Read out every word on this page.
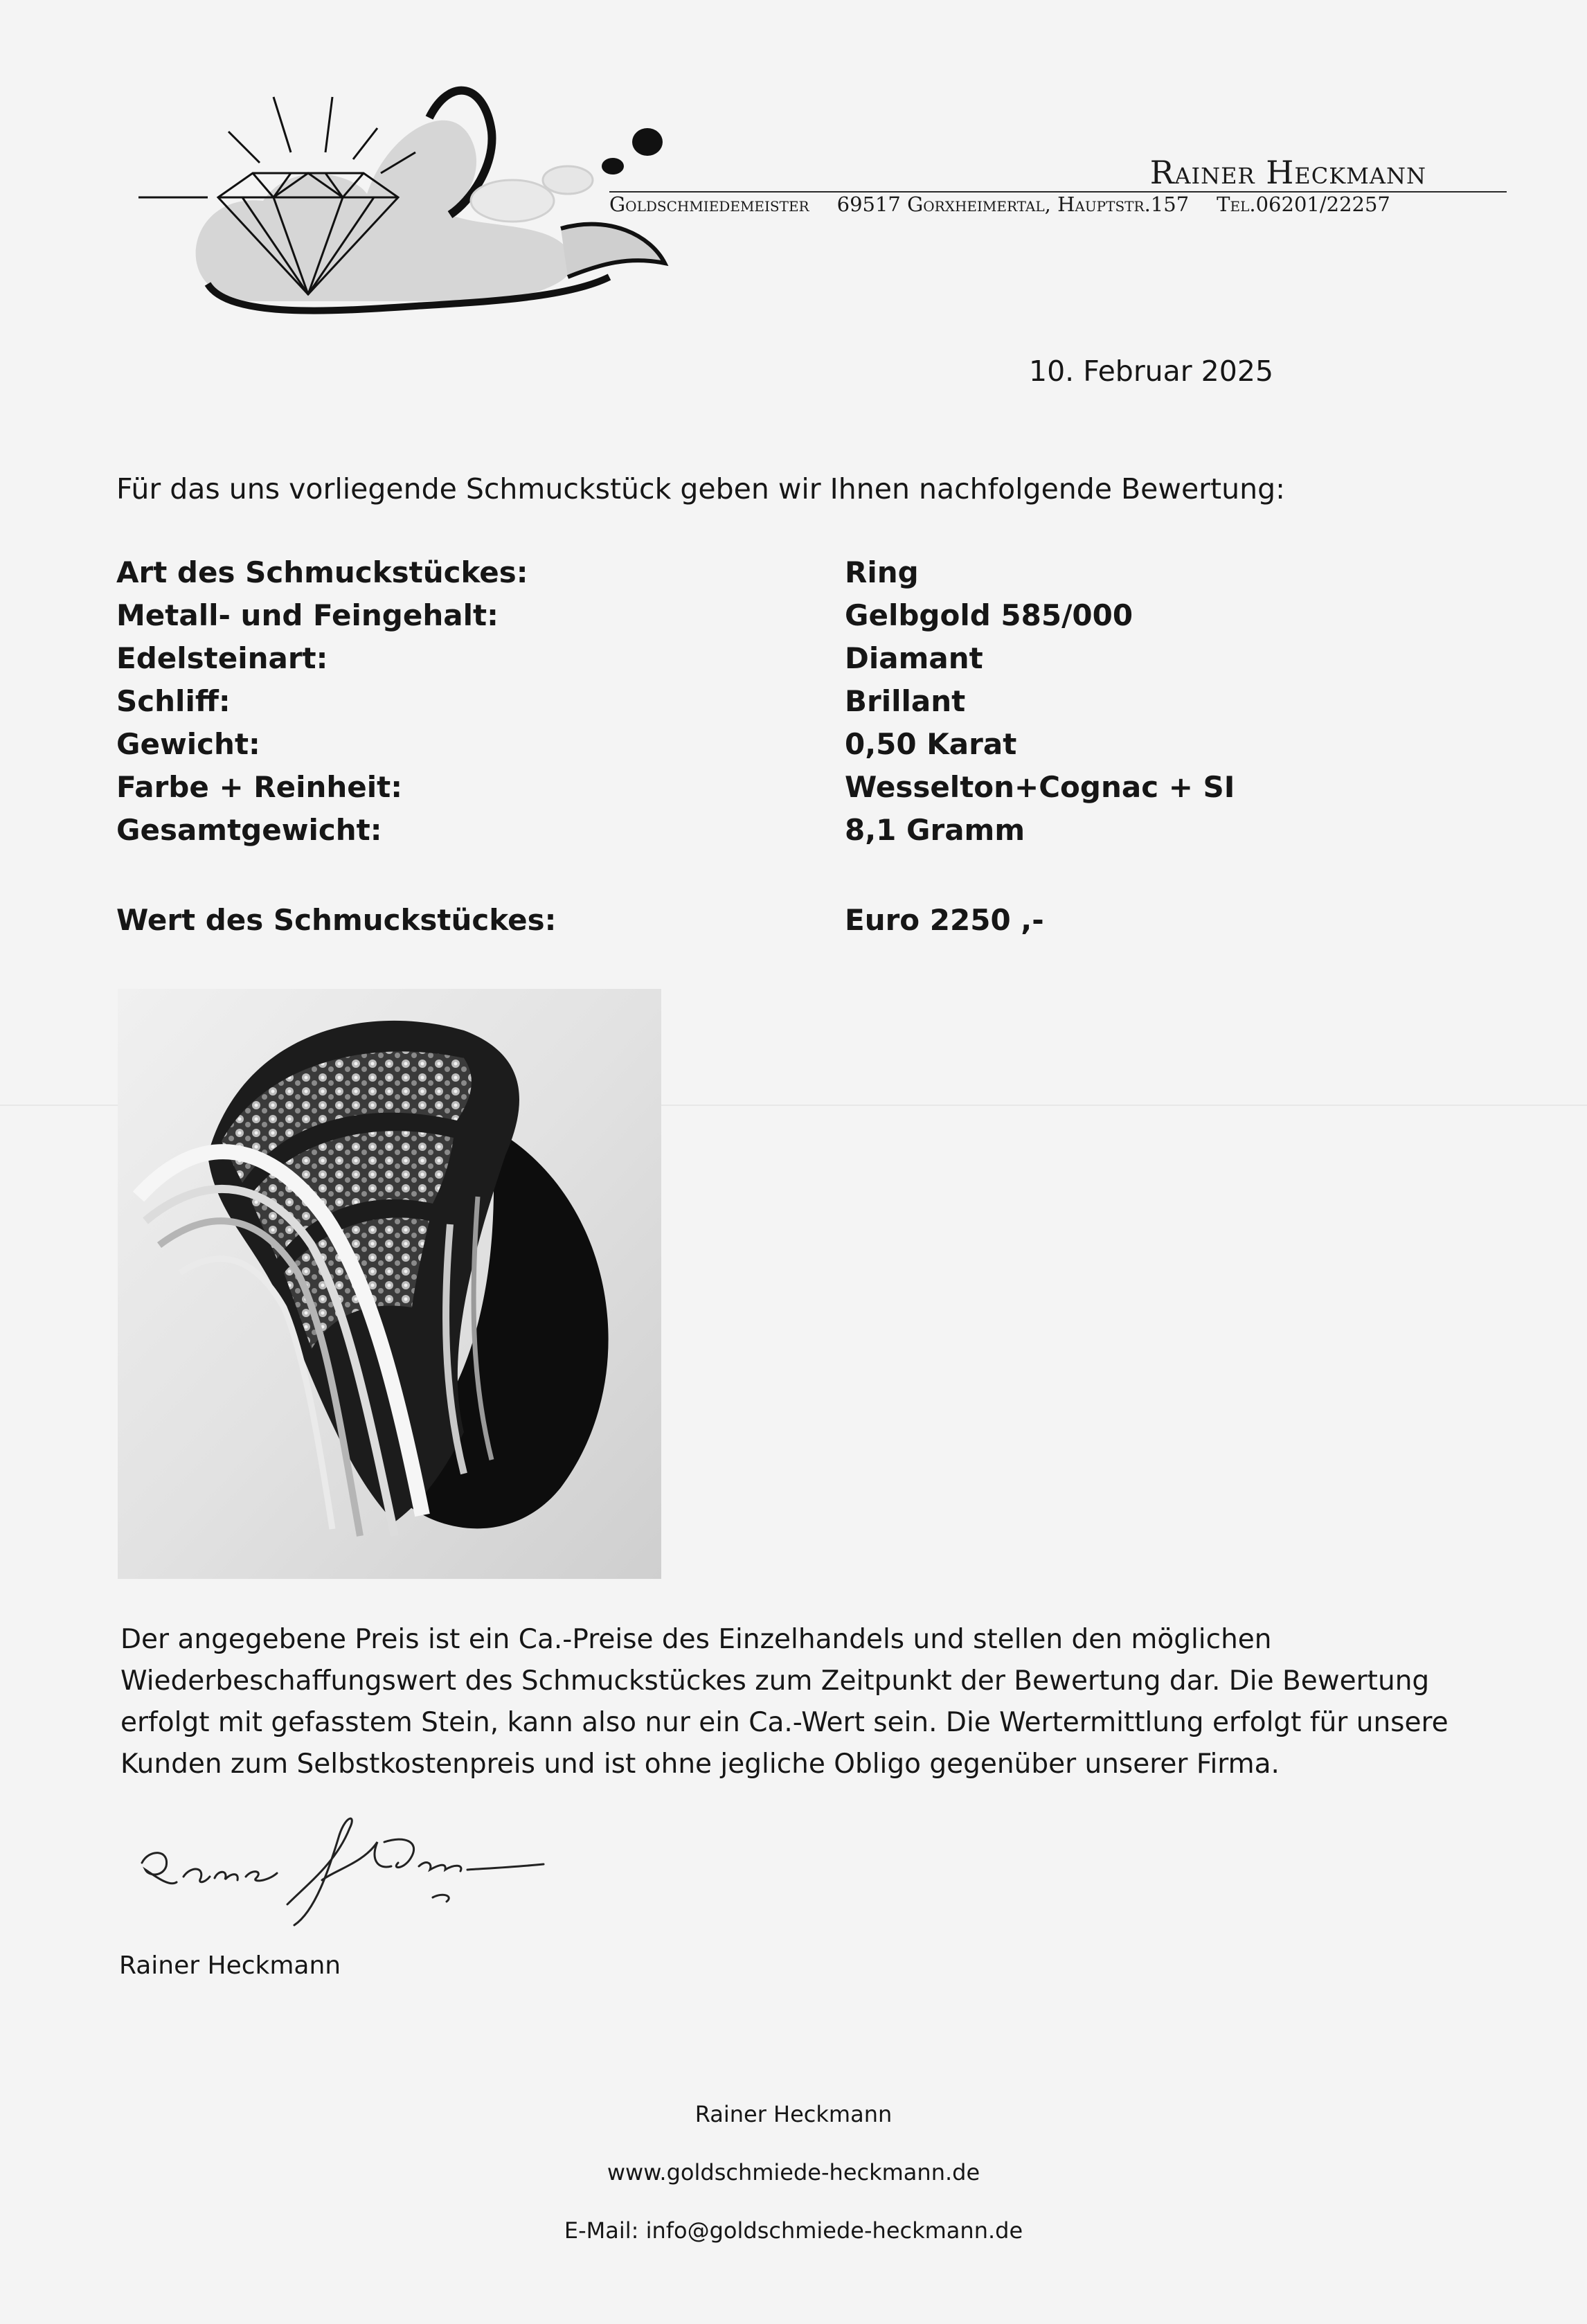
Rainer Heckmann
Goldschmiedemeister 69517 Gorxheimertal, Hauptstr.157 Tel.06201/22257
10. Februar 2025
Für das uns vorliegende Schmuckstück geben wir Ihnen nachfolgende Bewertung:
Art des Schmuckstückes:	Ring
Metall- und Feingehalt:	Gelbgold 585/000
Edelsteinart:	Diamant
Schliff:	Brillant
Gewicht:	0,50 Karat
Farbe + Reinheit:	Wesselton+Cognac + SI
Gesamtgewicht:	8,1 Gramm
Wert des Schmuckstückes:	Euro 2250 ,-
Der angegebene Preis ist ein Ca.-Preise des Einzelhandels und stellen den möglichen
Wiederbeschaffungswert des Schmuckstückes zum Zeitpunkt der Bewertung dar. Die Bewertung
erfolgt mit gefasstem Stein, kann also nur ein Ca.-Wert sein. Die Wertermittlung erfolgt für unsere
Kunden zum Selbstkostenpreis und ist ohne jegliche Obligo gegenüber unserer Firma.
Rainer Heckmann
Rainer Heckmann
www.goldschmiede-heckmann.de
E-Mail: info@goldschmiede-heckmann.de
